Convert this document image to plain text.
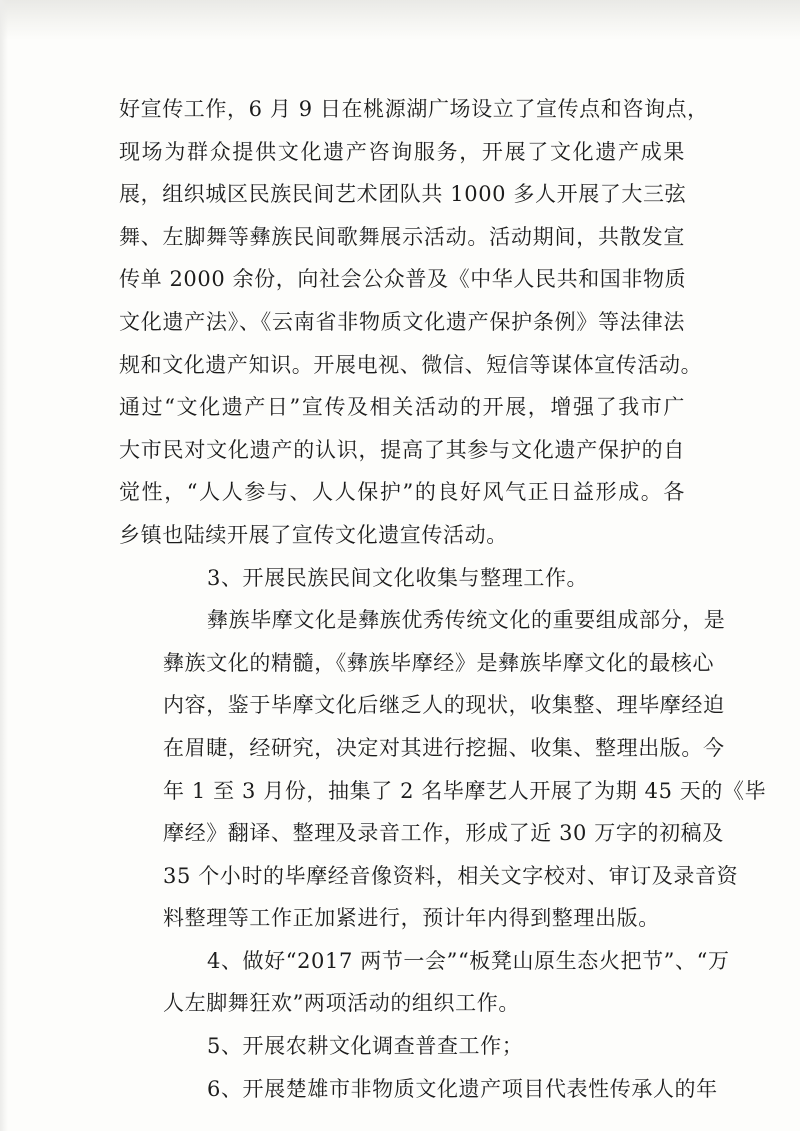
好宣传工作，6 月 9 日在桃源湖广场设立了宣传点和咨询点，
现场为群众提供文化遗产咨询服务，开展了文化遗产成果
展，组织城区民族民间艺术团队共 1000 多人开展了大三弦
舞、左脚舞等彝族民间歌舞展示活动。活动期间，共散发宣
传单 2000 余份，向社会公众普及《中华人民共和国非物质
文化遗产法》、《云南省非物质文化遗产保护条例》等法律法
规和文化遗产知识。开展电视、微信、短信等谋体宣传活动。
通过“文化遗产日”宣传及相关活动的开展，增强了我市广
大市民对文化遗产的认识，提高了其参与文化遗产保护的自
觉性，“人人参与、人人保护”的良好风气正日益形成。各
乡镇也陆续开展了宣传文化遗宣传活动。
3、开展民族民间文化收集与整理工作。
彝族毕摩文化是彝族优秀传统文化的重要组成部分，是
彝族文化的精髓，《彝族毕摩经》是彝族毕摩文化的最核心
内容，鉴于毕摩文化后继乏人的现状，收集整、理毕摩经迫
在眉睫，经研究，决定对其进行挖掘、收集、整理出版。今
年 1 至 3 月份，抽集了 2 名毕摩艺人开展了为期 45 天的《毕
摩经》翻译、整理及录音工作，形成了近 30 万字的初稿及
35 个小时的毕摩经音像资料，相关文字校对、审订及录音资
料整理等工作正加紧进行，预计年内得到整理出版。
4、做好“2017 两节一会”“板凳山原生态火把节”、“万
人左脚舞狂欢”两项活动的组织工作。
5、开展农耕文化调查普查工作；
6、开展楚雄市非物质文化遗产项目代表性传承人的年
